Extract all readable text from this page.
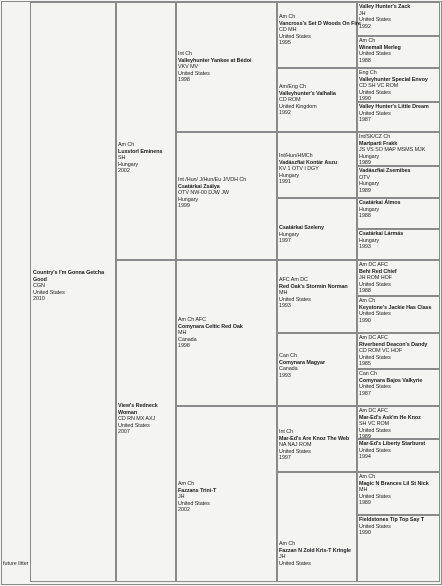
Country's I'm Gonna Getcha
Good
CGN
United States
2010
Am Ch
Luxstorl Eminens
SH
Hungary
2002
View's Redneck
Woman
CD RN MX AXJ
United States
2007
Int Ch
Valleyhunter Yankee at Bédoi
VKV MV
United States
1998
Int /Hun/ J/Hun/Eu J/VDH Ch
Csatárkai Zsálya
OTV NW-00 DJW JW
Hungary
1999
Am Ch AFC
Comynara Celtic Red Oak
MH
Canada
1998
Am Ch
Fazzans Trini-T
JH
United States
2002
Am Ch
Vancross's Set D Woods On Fire
CD MH
United States
1995
Am/Eng Ch
Valleyhunter's Valhalla
CD ROM
United Kingdom
1992
Int/Hun/HMCh
Vadászfiai Kontár Aszu
KV 1 OTV I DGY
Hungary
1991
Csatárkai Szeleny
Hungary
1997
AFC Am DC
Red Oak's Stormin Norman
MH
United States
1993
Can Ch
Comynara Magyar
Canada
1993
Int Ch
Mar-Ed's Are Knoz The Web
NA NAJ ROM
United States
1997
Am Ch
Fazzan N Zold Kris-T Kringle
JH
United States
Valley Hunter's Zack
JH
United States
1992
Am Ch
Winemall Merleg
United States
1988
Eng Ch
Valleyhunter Special Envoy
CD SH VC ROM
United States
1990
Valley Hunter's Little Dream
United States
1987
Int/SK/CZ Ch
Martparti Frakk
JS VS SO MAP MSMS MJK
Hungary
1989
Vadászfiai Zsemibes
OTV
Hungary
1989
Csatárkai Álmos
Hungary
1988
Csatárkai Lármás
Hungary
1993
Am DC AFC
Behi Red Chief
JH ROM HOF
United States
1988
Am Ch
Keystone's Jackie Has Class
United States
1990
Am DC AFC
Riverbend Deacon's Dandy
CD ROM VC HOF
United States
1985
Can Ch
Comynara Bajos Valkyrie
United States
1987
Am DC AFC
Mar-Ed's Ask'm He Knoz
SH VC ROM
United States
1989
Mar-Ed's Liberty Starburst
United States
1994
Am Ch
Magic N Brances Lil St Nick
MH
United States
1989
Fieldstones Tip Top Say T
United States
1990
future litter
